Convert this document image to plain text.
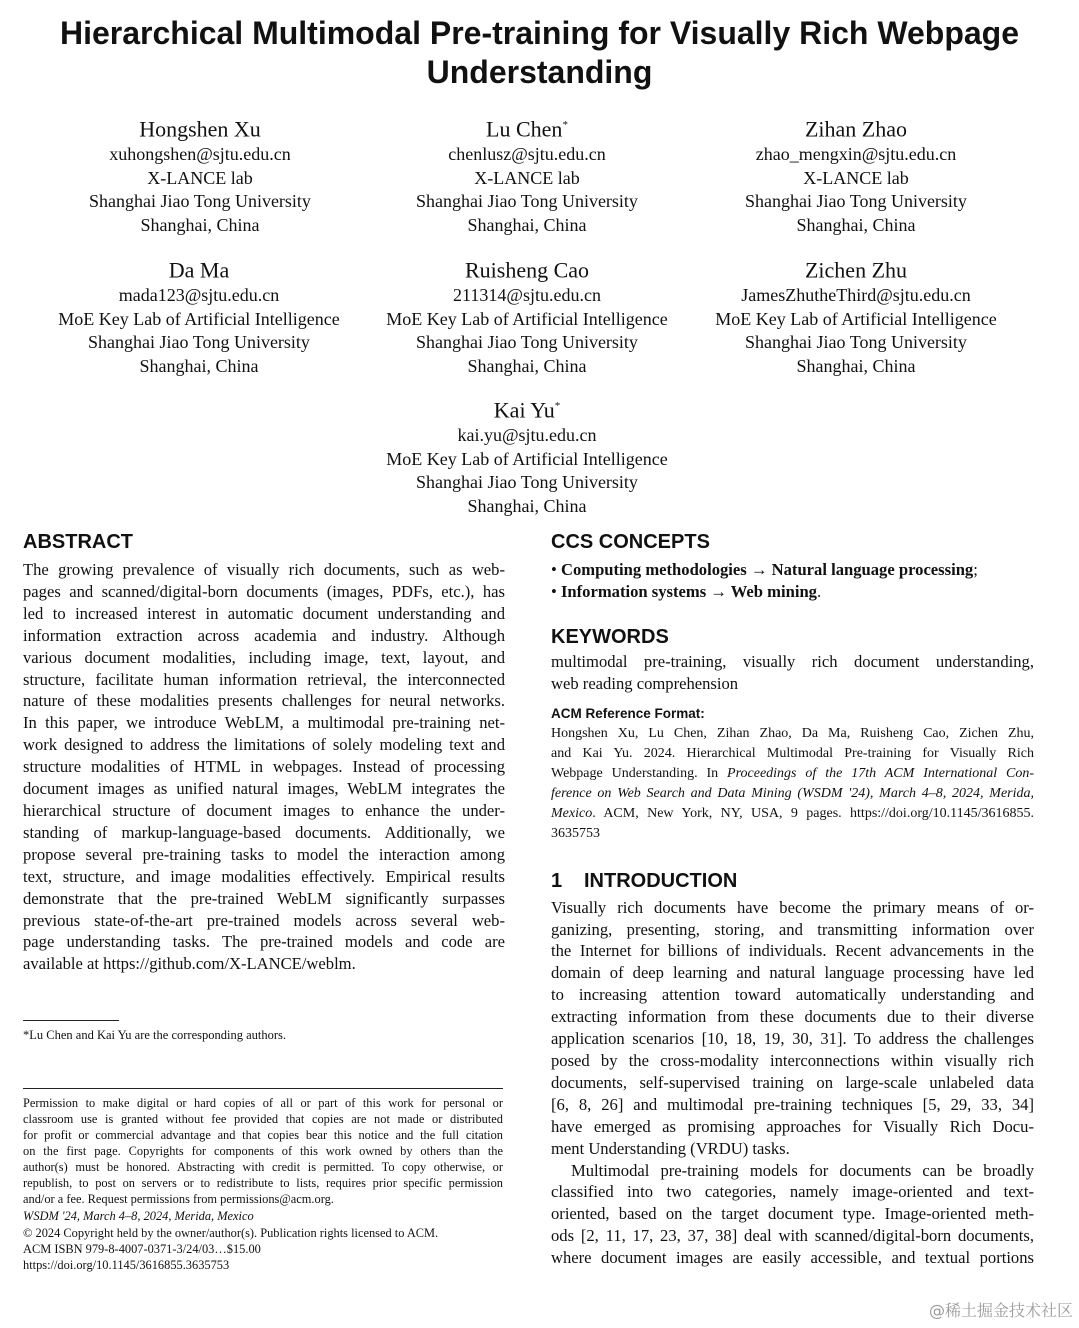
Hierarchical Multimodal Pre-training for Visually Rich Webpage
Understanding
Hongshen Xu
xuhongshen@sjtu.edu.cn
X-LANCE lab
Shanghai Jiao Tong University
Shanghai, China
Lu Chen*
chenlusz@sjtu.edu.cn
X-LANCE lab
Shanghai Jiao Tong University
Shanghai, China
Zihan Zhao
zhao_mengxin@sjtu.edu.cn
X-LANCE lab
Shanghai Jiao Tong University
Shanghai, China
Da Ma
mada123@sjtu.edu.cn
MoE Key Lab of Artificial Intelligence
Shanghai Jiao Tong University
Shanghai, China
Ruisheng Cao
211314@sjtu.edu.cn
MoE Key Lab of Artificial Intelligence
Shanghai Jiao Tong University
Shanghai, China
Zichen Zhu
JamesZhutheThird@sjtu.edu.cn
MoE Key Lab of Artificial Intelligence
Shanghai Jiao Tong University
Shanghai, China
Kai Yu*
kai.yu@sjtu.edu.cn
MoE Key Lab of Artificial Intelligence
Shanghai Jiao Tong University
Shanghai, China
ABSTRACT
The growing prevalence of visually rich documents, such as web-
pages and scanned/digital-born documents (images, PDFs, etc.), has
led to increased interest in automatic document understanding and
information extraction across academia and industry. Although
various document modalities, including image, text, layout, and
structure, facilitate human information retrieval, the interconnected
nature of these modalities presents challenges for neural networks.
In this paper, we introduce WebLM, a multimodal pre-training net-
work designed to address the limitations of solely modeling text and
structure modalities of HTML in webpages. Instead of processing
document images as unified natural images, WebLM integrates the
hierarchical structure of document images to enhance the under-
standing of markup-language-based documents. Additionally, we
propose several pre-training tasks to model the interaction among
text, structure, and image modalities effectively. Empirical results
demonstrate that the pre-trained WebLM significantly surpasses
previous state-of-the-art pre-trained models across several web-
page understanding tasks. The pre-trained models and code are
available at https://github.com/X-LANCE/weblm.
*Lu Chen and Kai Yu are the corresponding authors.
Permission to make digital or hard copies of all or part of this work for personal or
classroom use is granted without fee provided that copies are not made or distributed
for profit or commercial advantage and that copies bear this notice and the full citation
on the first page. Copyrights for components of this work owned by others than the
author(s) must be honored. Abstracting with credit is permitted. To copy otherwise, or
republish, to post on servers or to redistribute to lists, requires prior specific permission
and/or a fee. Request permissions from permissions@acm.org.
WSDM '24, March 4–8, 2024, Merida, Mexico
© 2024 Copyright held by the owner/author(s). Publication rights licensed to ACM.
ACM ISBN 979-8-4007-0371-3/24/03…$15.00
https://doi.org/10.1145/3616855.3635753
CCS CONCEPTS
• Computing methodologies → Natural language processing;
• Information systems → Web mining.
KEYWORDS
multimodal pre-training, visually rich document understanding,
web reading comprehension
ACM Reference Format:
Hongshen Xu, Lu Chen, Zihan Zhao, Da Ma, Ruisheng Cao, Zichen Zhu,
and Kai Yu. 2024. Hierarchical Multimodal Pre-training for Visually Rich
Webpage Understanding. In Proceedings of the 17th ACM International Con-
ference on Web Search and Data Mining (WSDM '24), March 4–8, 2024, Merida,
Mexico. ACM, New York, NY, USA, 9 pages. https://doi.org/10.1145/3616855.
3635753
1 INTRODUCTION
Visually rich documents have become the primary means of or-
ganizing, presenting, storing, and transmitting information over
the Internet for billions of individuals. Recent advancements in the
domain of deep learning and natural language processing have led
to increasing attention toward automatically understanding and
extracting information from these documents due to their diverse
application scenarios [10, 18, 19, 30, 31]. To address the challenges
posed by the cross-modality interconnections within visually rich
documents, self-supervised training on large-scale unlabeled data
[6, 8, 26] and multimodal pre-training techniques [5, 29, 33, 34]
have emerged as promising approaches for Visually Rich Docu-
ment Understanding (VRDU) tasks.
Multimodal pre-training models for documents can be broadly
classified into two categories, namely image-oriented and text-
oriented, based on the target document type. Image-oriented meth-
ods [2, 11, 17, 23, 37, 38] deal with scanned/digital-born documents,
where document images are easily accessible, and textual portions
@稀土掘金技术社区
